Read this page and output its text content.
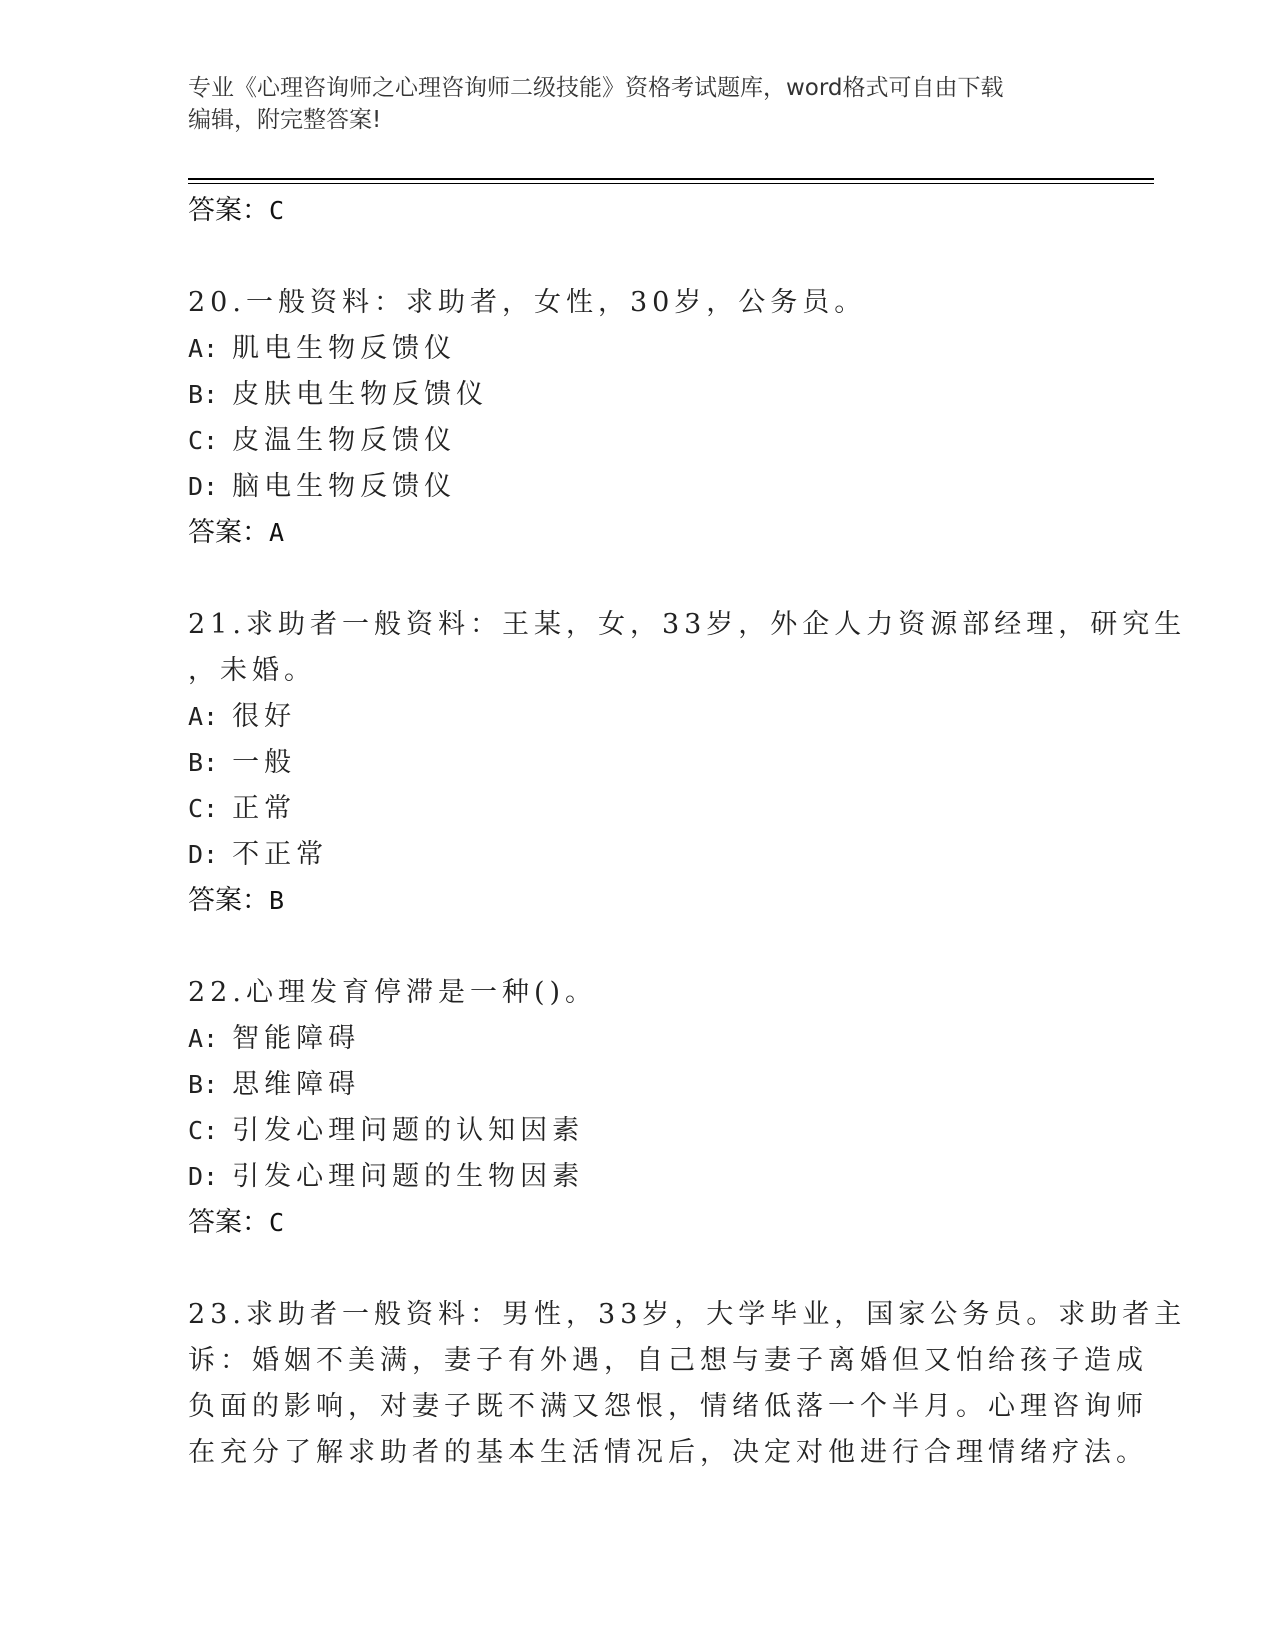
专业《心理咨询师之心理咨询师二级技能》资格考试题库，word格式可自由下载
编辑，附完整答案!
答案：C
20.一般资料：求助者，女性，30岁，公务员。
A: 肌电生物反馈仪
B: 皮肤电生物反馈仪
C: 皮温生物反馈仪
D: 脑电生物反馈仪
答案：A
21.求助者一般资料：王某，女，33岁，外企人力资源部经理，研究生
，未婚。
A: 很好
B: 一般
C: 正常
D: 不正常
答案：B
22.心理发育停滞是一种()。
A: 智能障碍
B: 思维障碍
C: 引发心理问题的认知因素
D: 引发心理问题的生物因素
答案：C
23.求助者一般资料：男性，33岁，大学毕业，国家公务员。求助者主
诉：婚姻不美满，妻子有外遇，自己想与妻子离婚但又怕给孩子造成
负面的影响，对妻子既不满又怨恨，情绪低落一个半月。心理咨询师
在充分了解求助者的基本生活情况后，决定对他进行合理情绪疗法。
